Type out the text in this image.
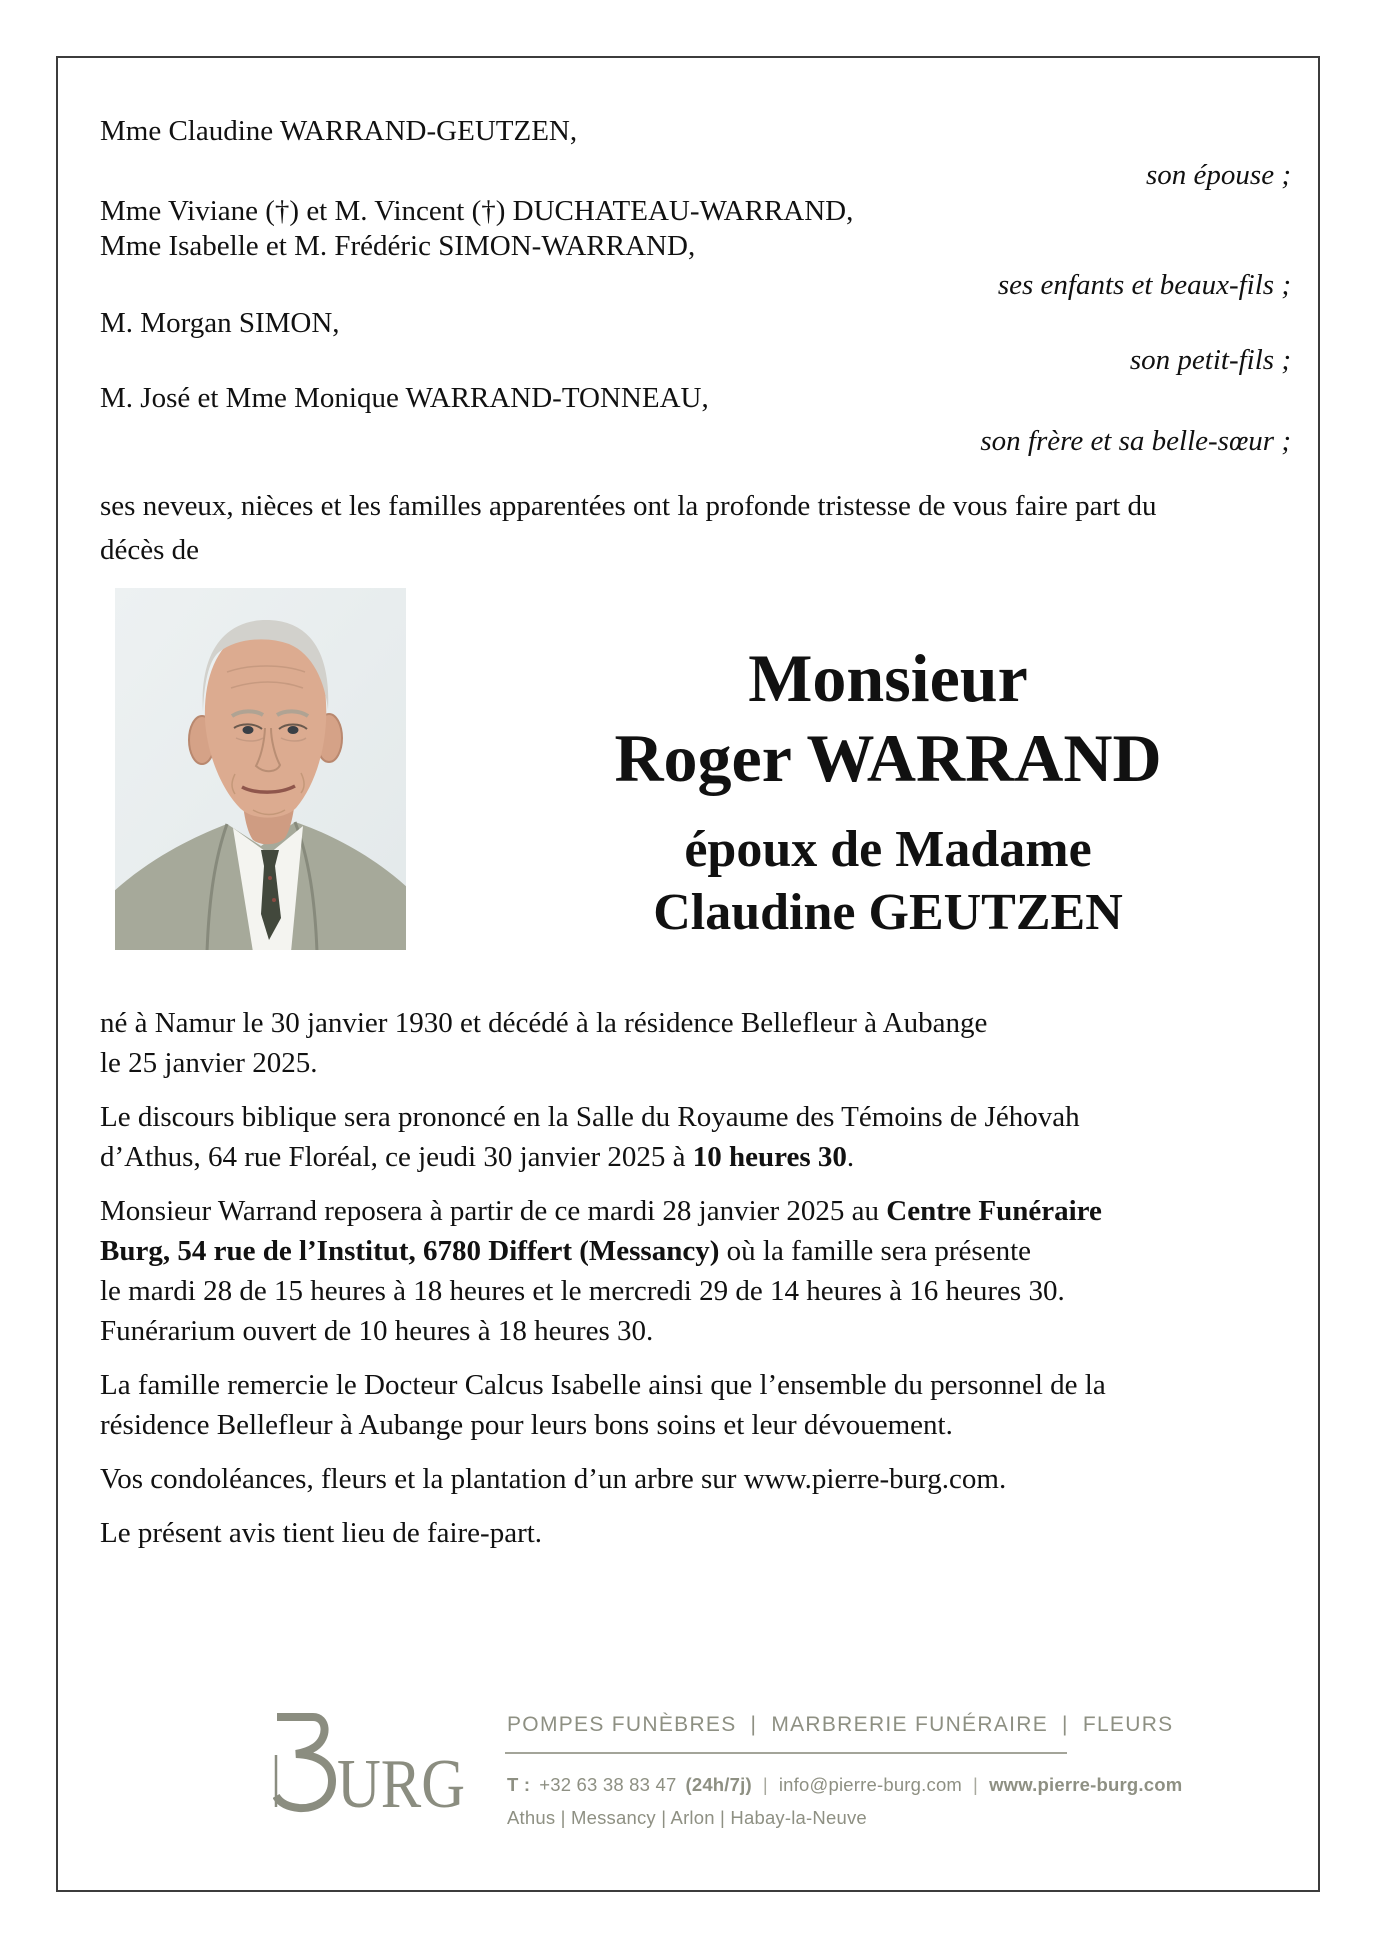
Mme Claudine WARRAND-GEUTZEN,
son épouse ;
Mme Viviane (†) et M. Vincent (†) DUCHATEAU-WARRAND,
Mme Isabelle et M. Frédéric SIMON-WARRAND,
ses enfants et beaux-fils ;
M. Morgan SIMON,
son petit-fils ;
M. José et Mme Monique WARRAND-TONNEAU,
son frère et sa belle-sœur ;
ses neveux, nièces et les familles apparentées ont la profonde tristesse de vous faire part du
décès de
Monsieur
Roger WARRAND
époux de Madame
Claudine GEUTZEN
né à Namur le 30 janvier 1930 et décédé à la résidence Bellefleur à Aubange
le 25 janvier 2025.
Le discours biblique sera prononcé en la Salle du Royaume des Témoins de Jéhovah
d’Athus, 64 rue Floréal, ce jeudi 30 janvier 2025 à 10 heures 30.
Monsieur Warrand reposera à partir de ce mardi 28 janvier 2025 au Centre Funéraire
Burg, 54 rue de l’Institut, 6780 Differt (Messancy) où la famille sera présente
le mardi 28 de 15 heures à 18 heures et le mercredi 29 de 14 heures à 16 heures 30.
Funérarium ouvert de 10 heures à 18 heures 30.
La famille remercie le Docteur Calcus Isabelle ainsi que l’ensemble du personnel de la
résidence Bellefleur à Aubange pour leurs bons soins et leur dévouement.
Vos condoléances, fleurs et la plantation d’un arbre sur www.pierre-burg.com.
Le présent avis tient lieu de faire-part.
URG
POMPES FUNÈBRES | MARBRERIE FUNÉRAIRE | FLEURS
T : +32 63 38 83 47 (24h/7j) | info@pierre-burg.com | www.pierre-burg.com
Athus | Messancy | Arlon | Habay-la-Neuve
